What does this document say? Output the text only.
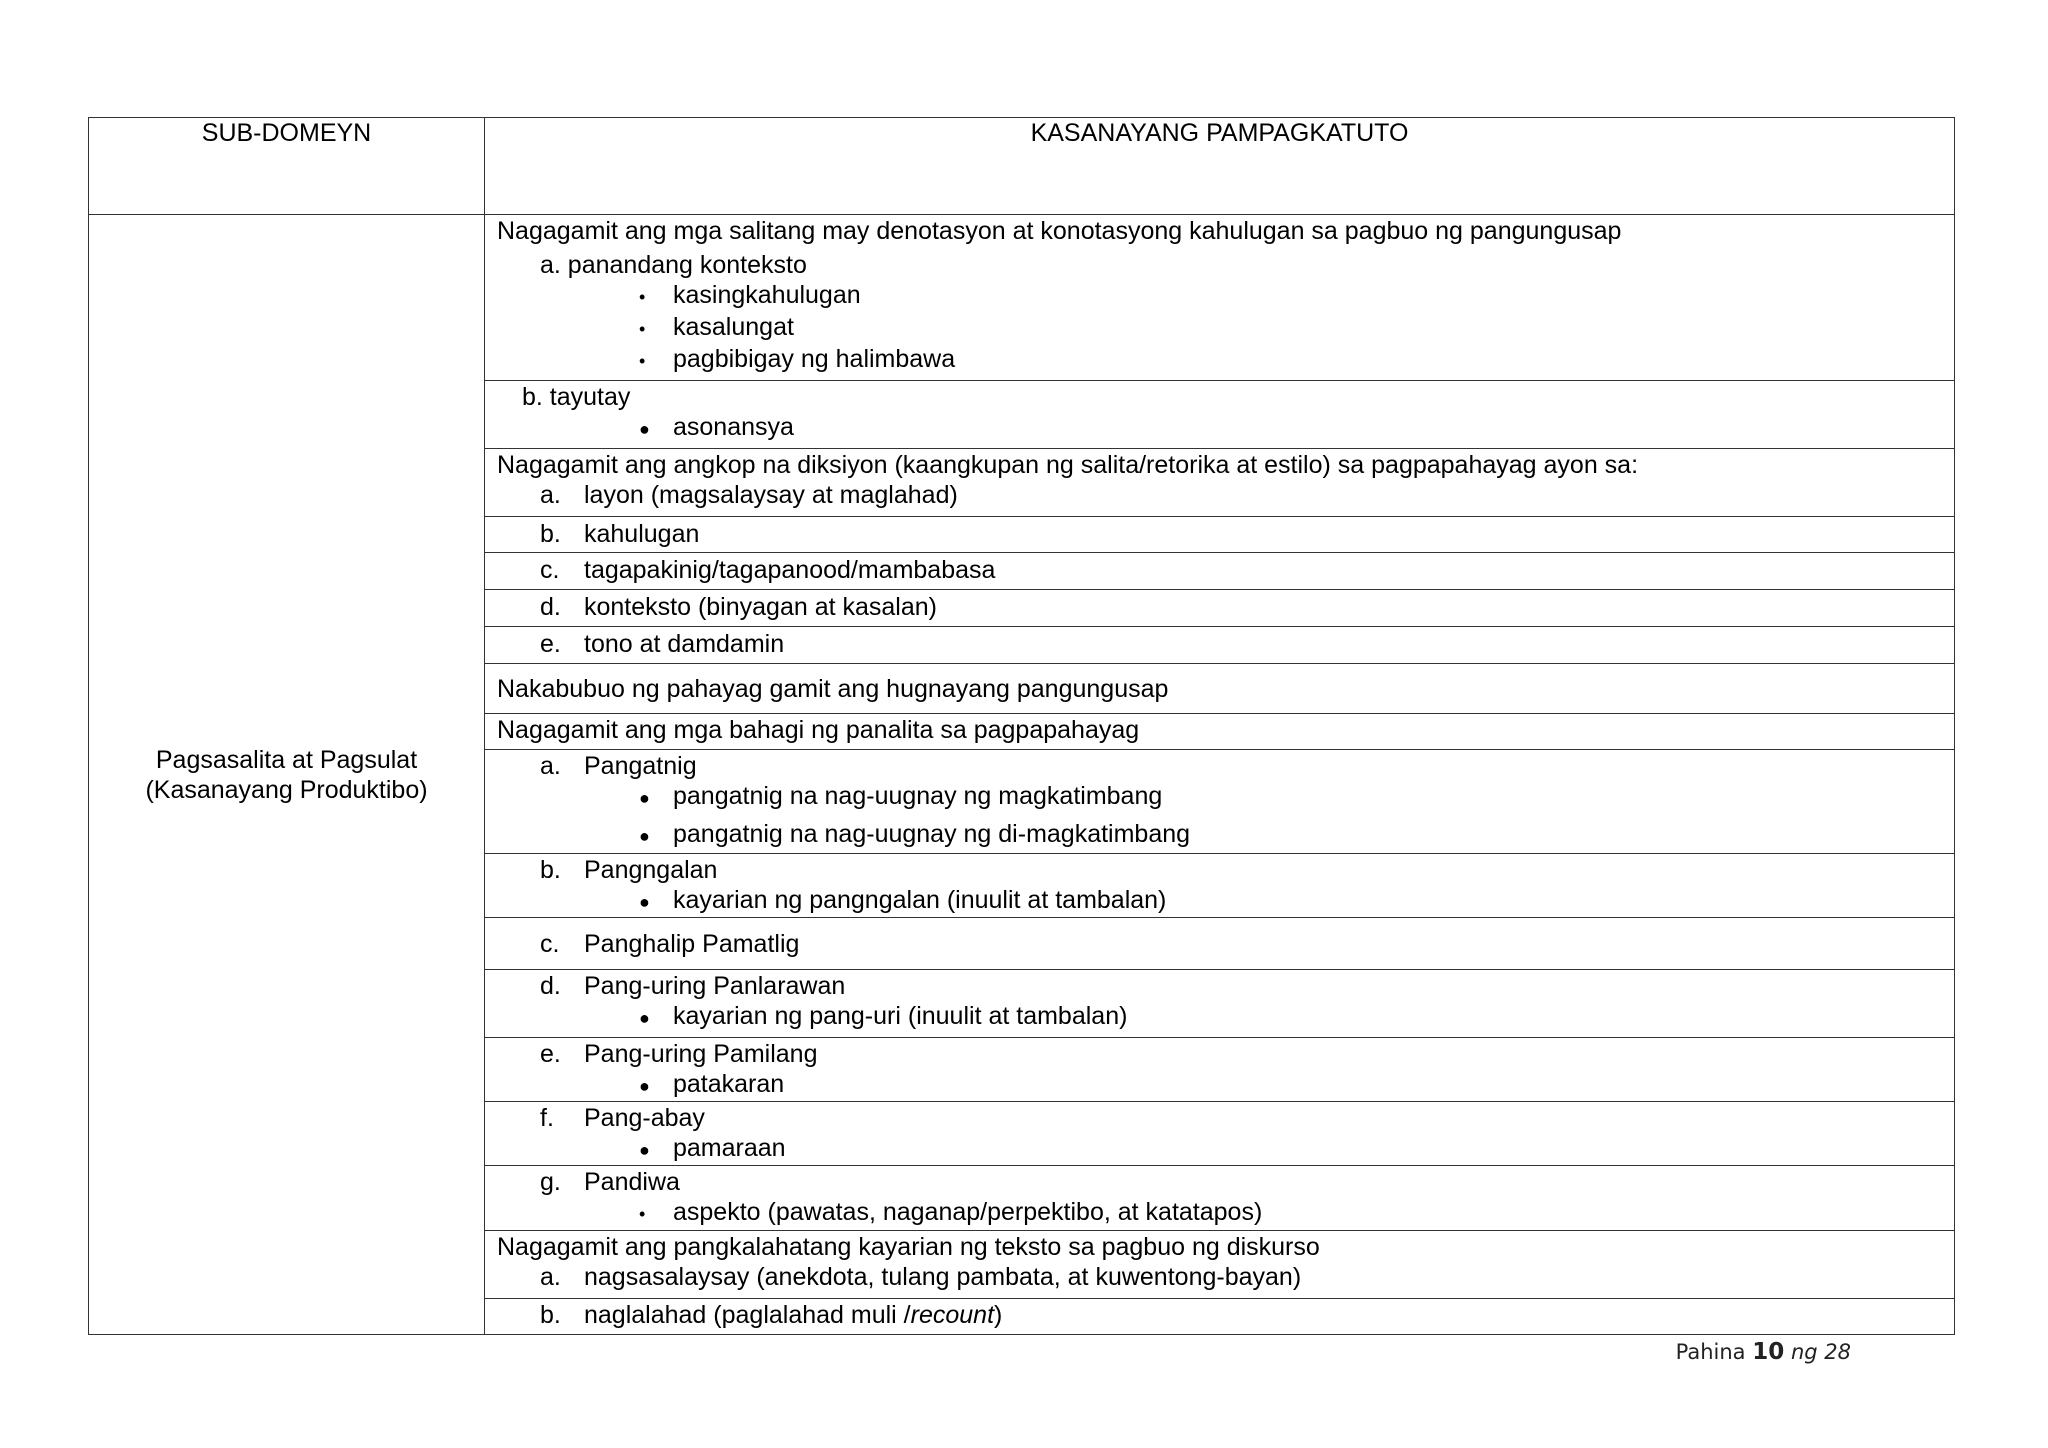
SUB-DOMEYN	KASANAYANG PAMPAGKATUTO

Pagsasalita at Pagsulat
(Kasanayang Produktibo)	Nagagamit ang mga salitang may denotasyon at konotasyong kahulugan sa pagbuo ng pangungusap
a. panandang konteksto
• kasingkahulugan
• kasalungat
• pagbibigay ng halimbawa

	b. tayutay
● asonansya

	Nagagamit ang angkop na diksiyon (kaangkupan ng salita/retorika at estilo) sa pagpapahayag ayon sa:
a. layon (magsalaysay at maglahad)

	b. kahulugan

	c. tagapakinig/tagapanood/mambabasa

	d. konteksto (binyagan at kasalan)

	e. tono at damdamin

	Nakabubuo ng pahayag gamit ang hugnayang pangungusap

	Nagagamit ang mga bahagi ng panalita sa pagpapahayag

	a. Pangatnig
● pangatnig na nag-uugnay ng magkatimbang
● pangatnig na nag-uugnay ng di-magkatimbang

	b. Pangngalan
● kayarian ng pangngalan (inuulit at tambalan)

	c. Panghalip Pamatlig

	d. Pang-uring Panlarawan
● kayarian ng pang-uri (inuulit at tambalan)

	e. Pang-uring Pamilang
● patakaran

	f. Pang-abay
● pamaraan

	g. Pandiwa
• aspekto (pawatas, naganap/perpektibo, at katatapos)

	Nagagamit ang pangkalahatang kayarian ng teksto sa pagbuo ng diskurso
a. nagsasalaysay (anekdota, tulang pambata, at kuwentong-bayan)

	b. naglalahad (paglalahad muli /recount)
Pahina 10 ng 28
